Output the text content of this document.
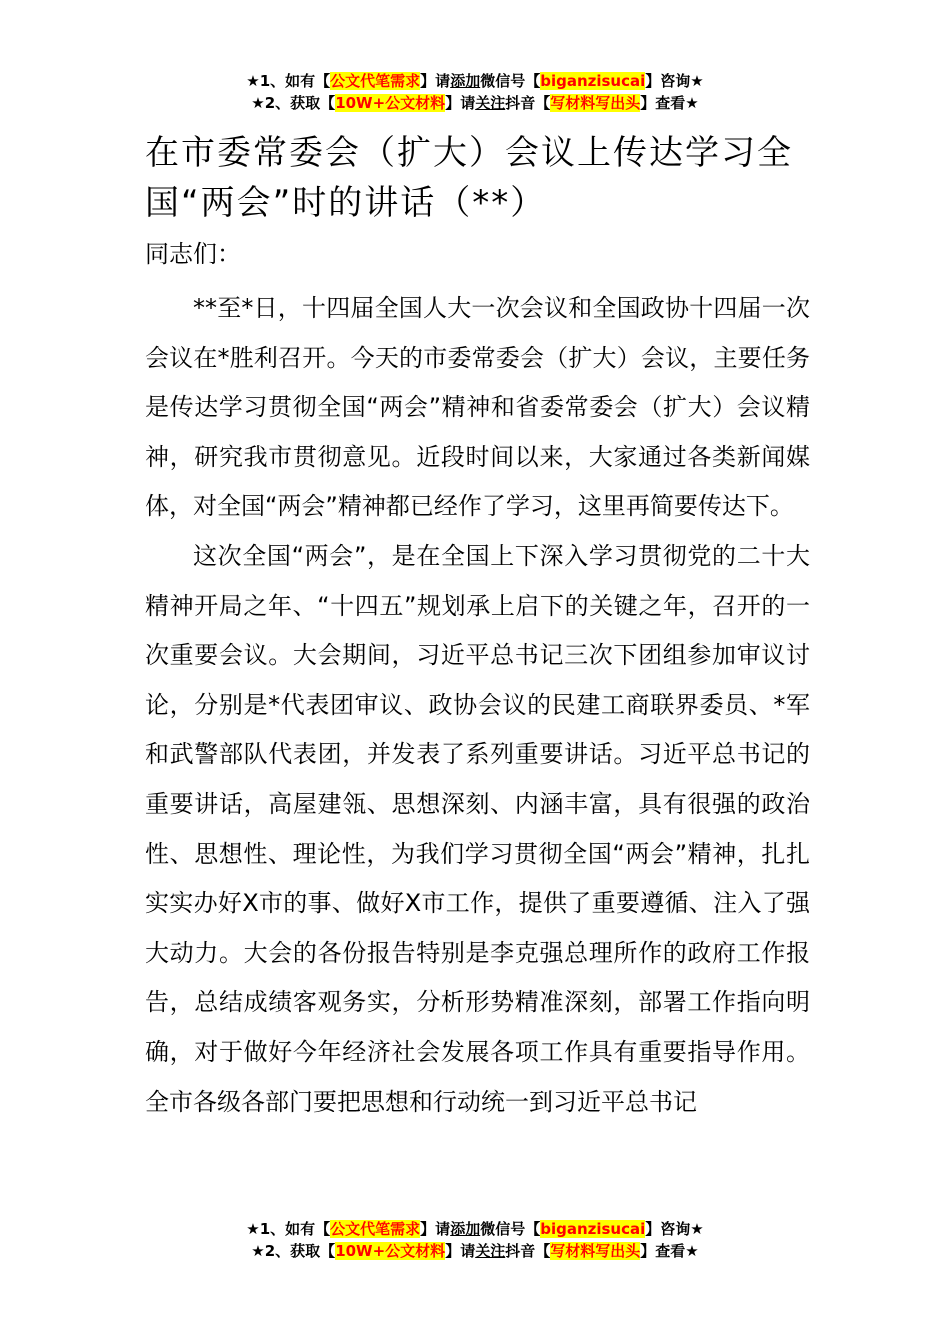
★1、如有【公文代笔需求】请添加微信号【biganzisucai】咨询★
★2、获取【10W+公文材料】请关注抖音【写材料写出头】查看★
在市委常委会（扩大）会议上传达学习全国“两会”时的讲话（**）

同志们：

**至*日，十四届全国人大一次会议和全国政协十四届一次会议在*胜利召开。今天的市委常委会（扩大）会议，主要任务是传达学习贯彻全国“两会”精神和省委常委会（扩大）会议精神，研究我市贯彻意见。近段时间以来，大家通过各类新闻媒体，对全国“两会”精神都已经作了学习，这里再简要传达下。

这次全国“两会”，是在全国上下深入学习贯彻党的二十大精神开局之年、“十四五”规划承上启下的关键之年，召开的一次重要会议。大会期间，习近平总书记三次下团组参加审议讨论，分别是*代表团审议、政协会议的民建工商联界委员、*军和武警部队代表团，并发表了系列重要讲话。习近平总书记的重要讲话，高屋建瓴、思想深刻、内涵丰富，具有很强的政治性、思想性、理论性，为我们学习贯彻全国“两会”精神，扎扎实实办好X市的事、做好X市工作，提供了重要遵循、注入了强大动力。大会的各份报告特别是李克强总理所作的政府工作报告，总结成绩客观务实，分析形势精准深刻，部署工作指向明确，对于做好今年经济社会发展各项工作具有重要指导作用。全市各级各部门要把思想和行动统一到习近平总书记

★1、如有【公文代笔需求】请添加微信号【biganzisucai】咨询★
★2、获取【10W+公文材料】请关注抖音【写材料写出头】查看★
